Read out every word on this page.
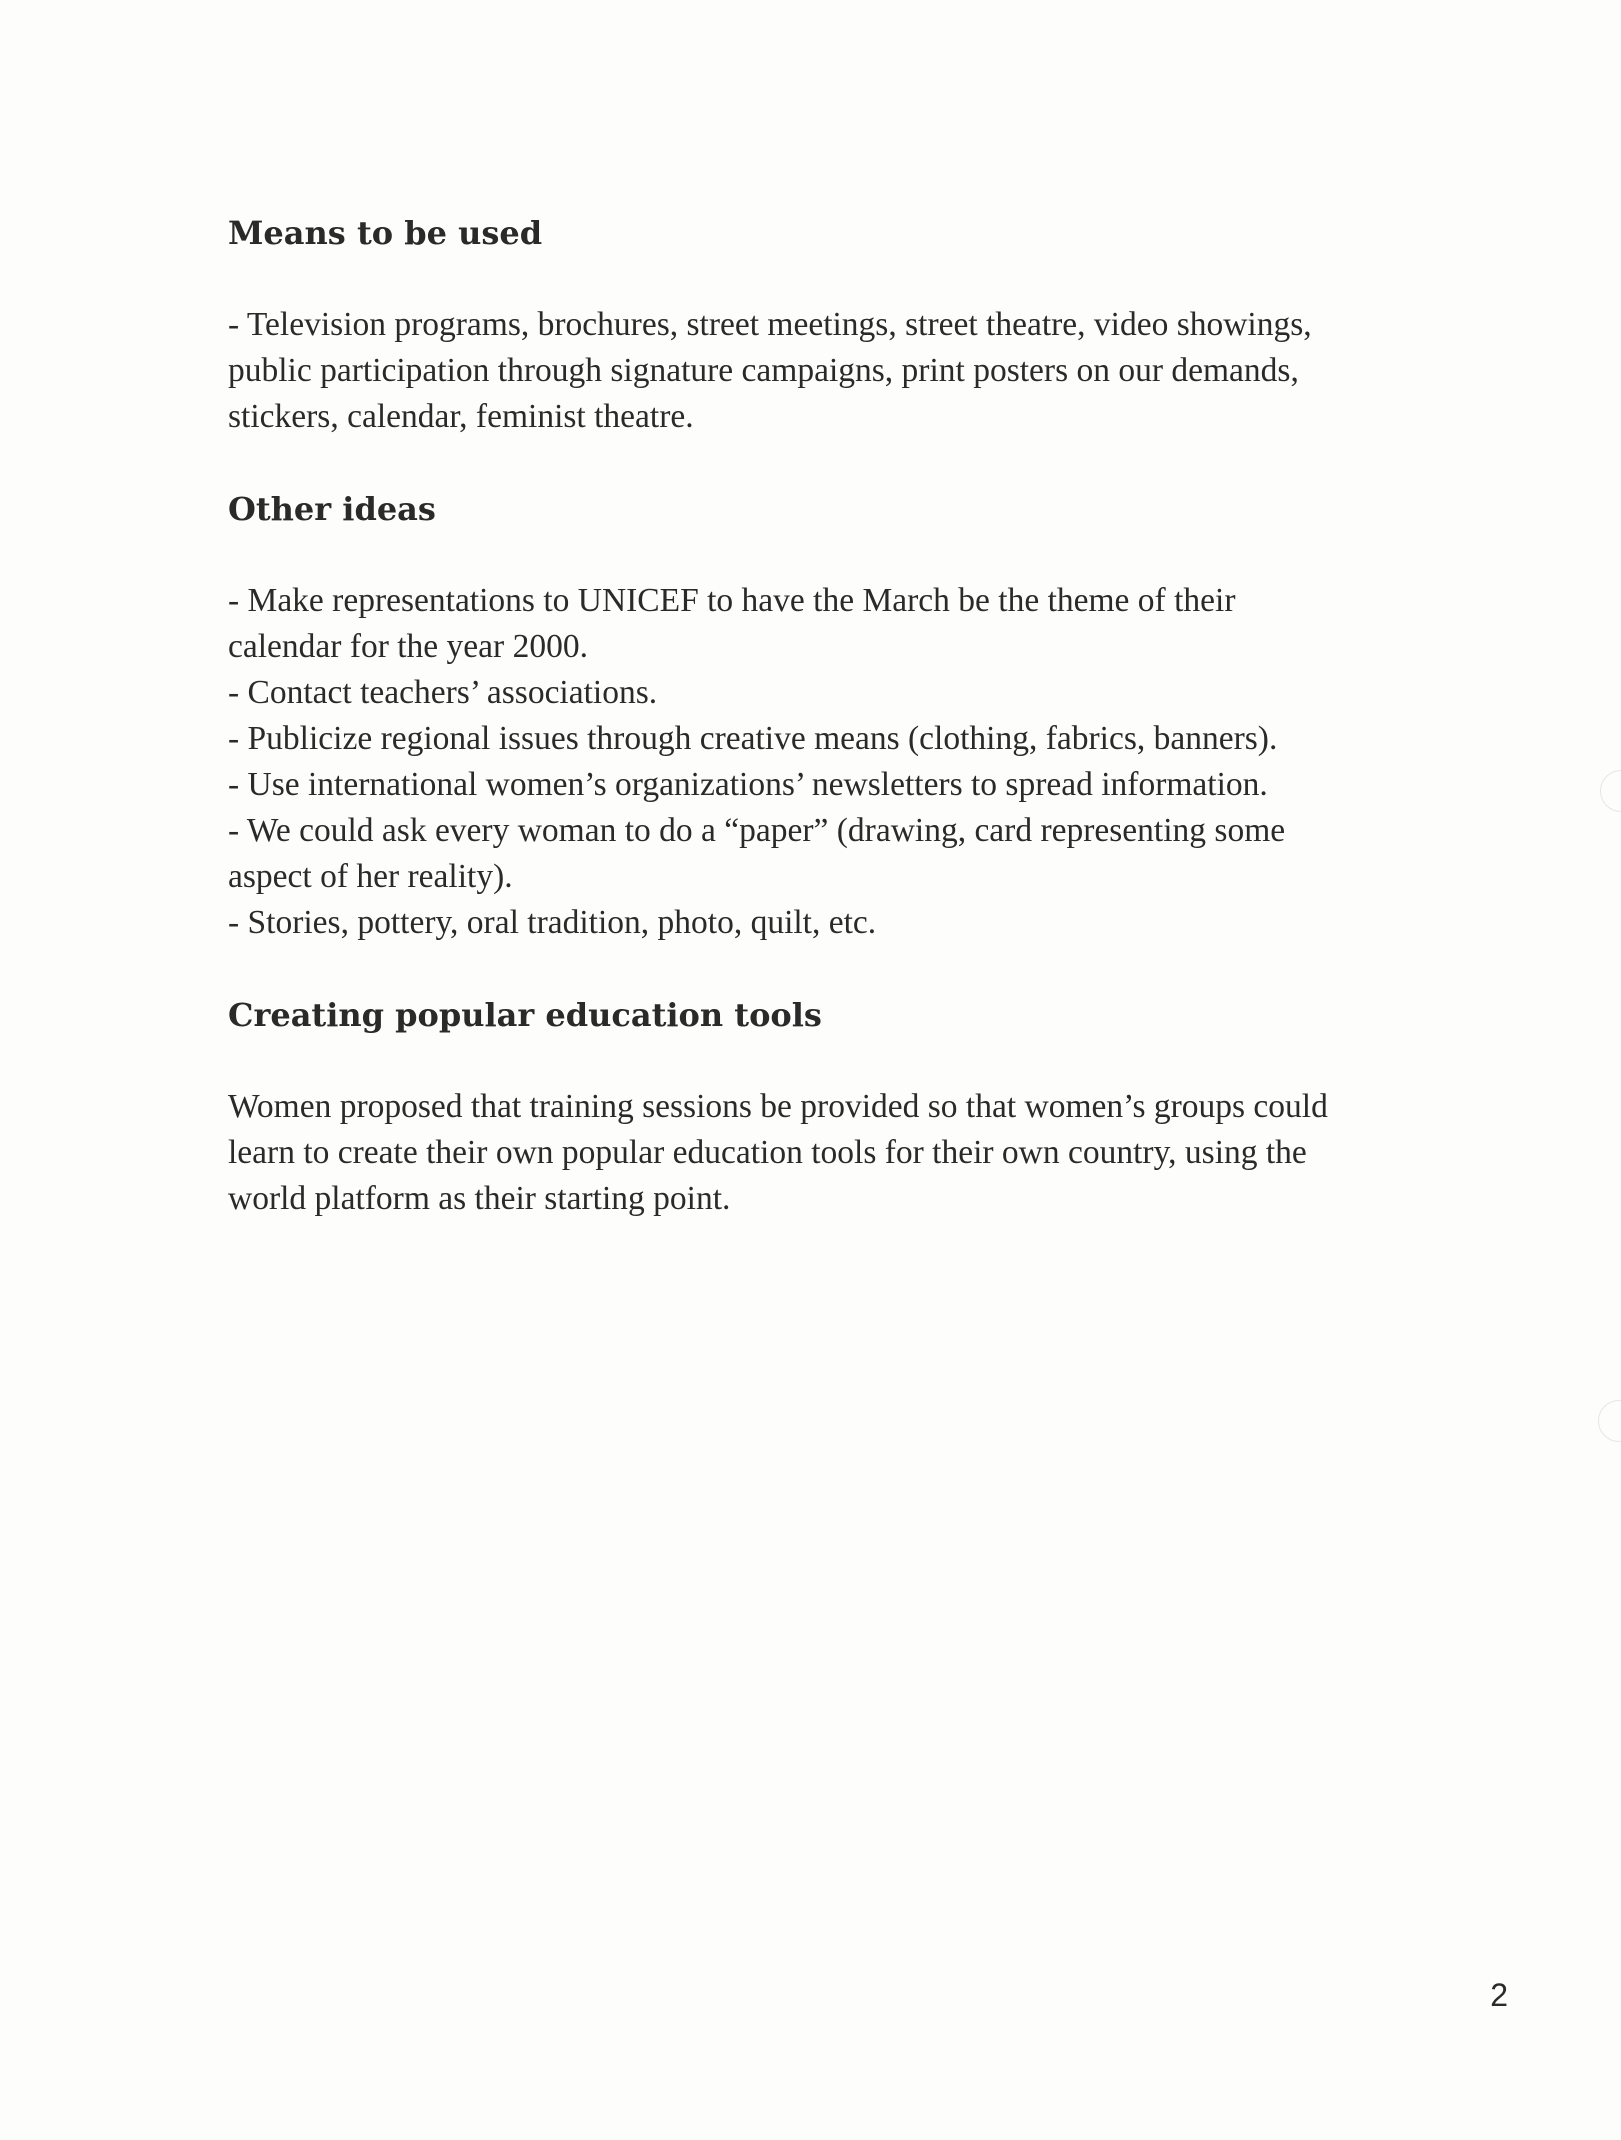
Means to be used

- Television programs, brochures, street meetings, street theatre, video showings,
public participation through signature campaigns, print posters on our demands,
stickers, calendar, feminist theatre.

Other ideas

- Make representations to UNICEF to have the March be the theme of their
calendar for the year 2000.
- Contact teachers’ associations.
- Publicize regional issues through creative means (clothing, fabrics, banners).
- Use international women’s organizations’ newsletters to spread information.
- We could ask every woman to do a “paper” (drawing, card representing some
aspect of her reality).
- Stories, pottery, oral tradition, photo, quilt, etc.

Creating popular education tools

Women proposed that training sessions be provided so that women’s groups could
learn to create their own popular education tools for their own country, using the
world platform as their starting point.

2
